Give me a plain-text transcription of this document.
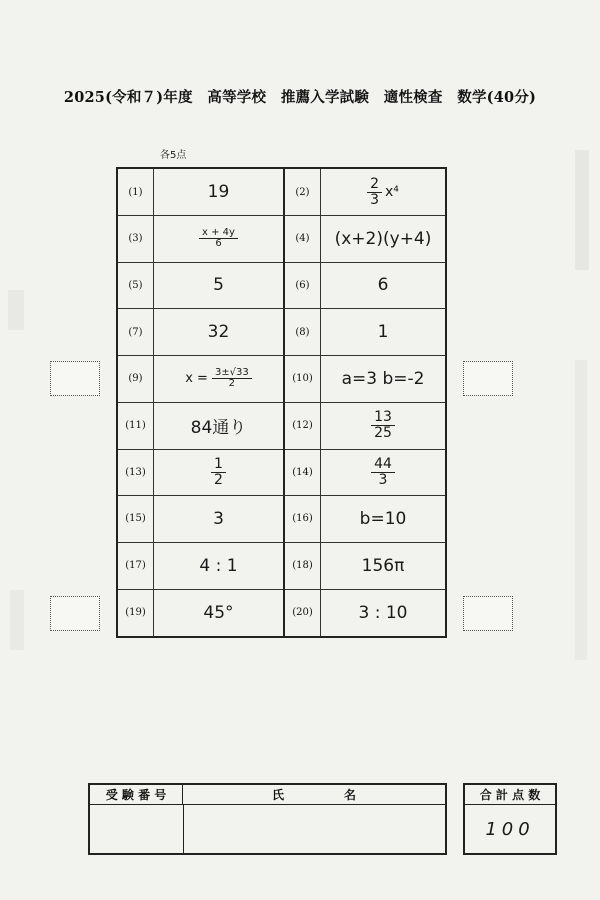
2025(令和７)年度　高等学校　推薦入学試験　適性検査　数学(40分)
各5点
(1)	19	(2)	$\frac{2}{3} x^4$
(3)	$\frac{x + 4y}{6}$	(4)	(x+2)(y+4)
(5)	5	(6)	6
(7)	32	(8)	1
(9)	$x = \frac{3\pm√33}{2}$	(10)	a=3 b=-2
(11)	84通り	(12)	$\frac{13}{25}$
(13)	$\frac{1}{2}$	(14)	$\frac{44}{3}$
(15)	3	(16)	b=10
(17)	4 : 1	(18)	156π
(19)	45°	(20)	3 : 10
受 験 番 号	氏　　　　　名	合 計 点 数
100
